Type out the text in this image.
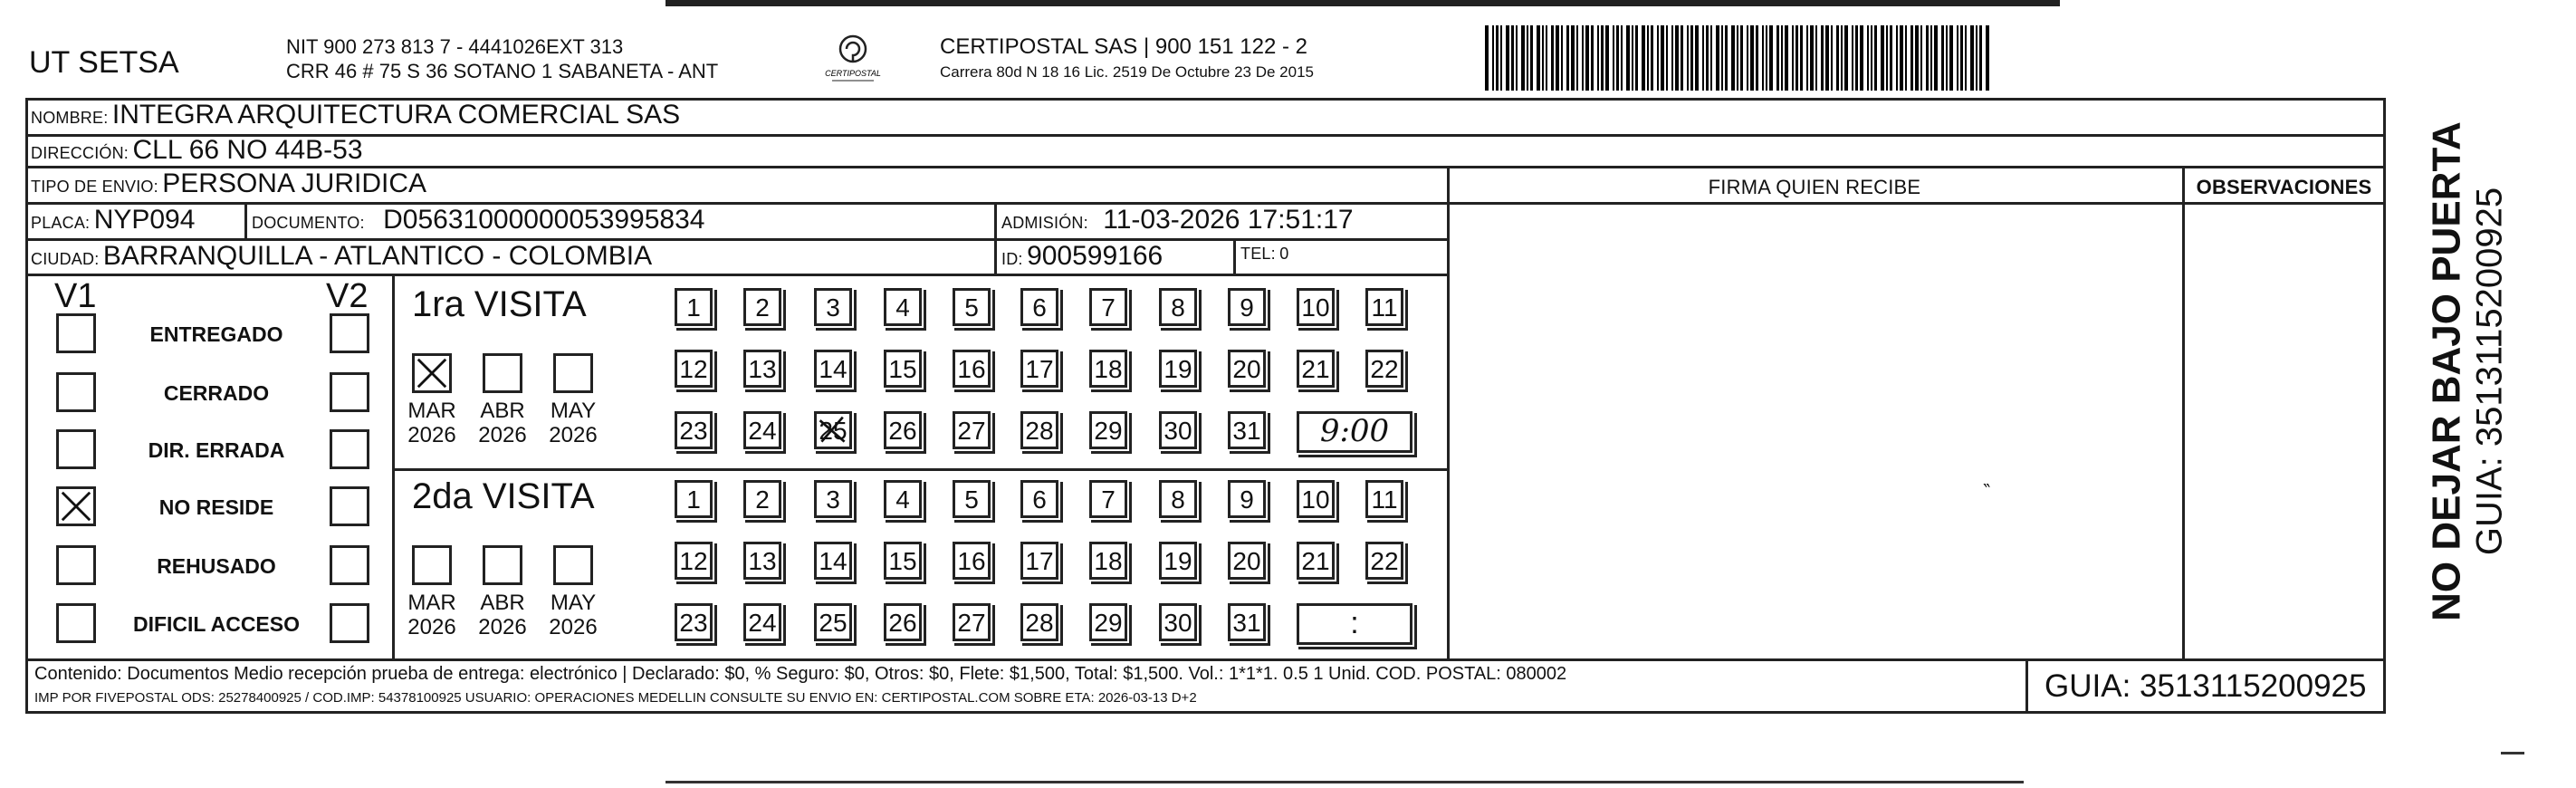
UT SETSA	NIT 900 273 813 7 - 4441026EXT 313
CRR 46 # 75 S 36 SOTANO 1 SABANETA - ANT	CERTIPOSTAL
CERTIPOSTAL SAS | 900 151 122 - 2
Carrera 80d N 18 16 Lic. 2519 De Octubre 23 De 2015
NOMBRE: INTEGRA ARQUITECTURA COMERCIAL SAS
DIRECCIÓN: CLL 66 NO 44B-53
TIPO DE ENVIO: PERSONA JURIDICA	FIRMA QUIEN RECIBE	OBSERVACIONES
PLACA: NYP094	DOCUMENTO: D05631000000053995834	ADMISIÓN: 11-03-2026 17:51:17
CIUDAD: BARRANQUILLA - ATLANTICO - COLOMBIA	ID: 900599166	TEL: 0
V1	V2
ENTREGADO
CERRADO
DIR. ERRADA
NO RESIDE
REHUSADO
DIFICIL ACCESO
1ra VISITA
MAR
2026
ABR
2026
MAY
2026
1	2	3	4	5	6	7	8	9	10 11
12 13 14 15 16 17 18 19 20 21 22
23 24 25 26 27 28 29 30 31	9:00
2da VISITA
MAR
2026
ABR
2026
MAY
2026
1	2	3	4	5	6	7	8	9	10 11
12 13 14 15 16 17 18 19 20 21 22
23 24 25 26 27 28 29 30 31	:
Contenido: Documentos Medio recepción prueba de entrega: electrónico | Declarado: $0, % Seguro: $0, Otros: $0, Flete: $1,500, Total: $1,500. Vol.: 1*1*1. 0.5 1 Unid. COD. POSTAL: 080002
IMP POR FIVEPOSTAL ODS: 25278400925 / COD.IMP: 54378100925 USUARIO: OPERACIONES MEDELLIN CONSULTE SU ENVIO EN: CERTIPOSTAL.COM SOBRE ETA: 2026-03-13 D+2	GUIA: 3513115200925
NO DEJAR BAJO PUERTA GUIA: 3513115200925
‶
